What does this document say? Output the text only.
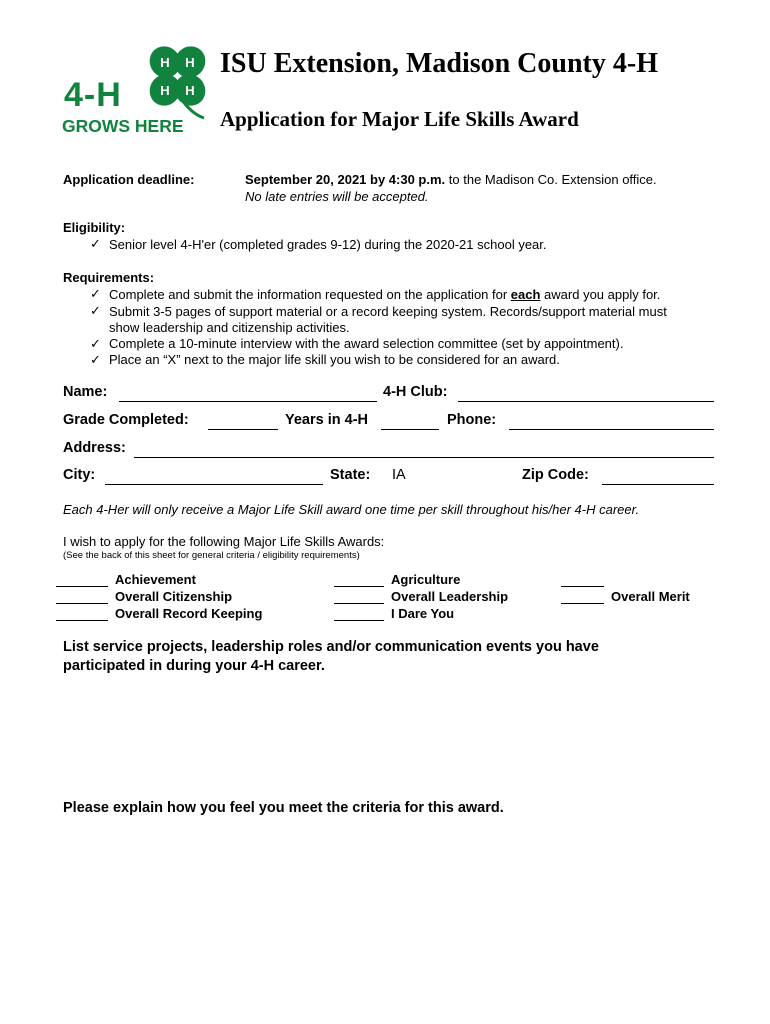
H H
H H
4-H
GROWS HERE
ISU Extension, Madison County 4-H
Application for Major Life Skills Award
Application deadline:	September 20, 2021 by 4:30 p.m. to the Madison Co. Extension office.
No late entries will be accepted.
Eligibility:
✓ Senior level 4-H'er (completed grades 9-12) during the 2020-21 school year.
Requirements:
✓ Complete and submit the information requested on the application for each award you apply for.
✓ Submit 3-5 pages of support material or a record keeping system. Records/support material must
show leadership and citizenship activities.
✓ Complete a 10-minute interview with the award selection committee (set by appointment).
✓ Place an “X” next to the major life skill you wish to be considered for an award.
Name:	4-H Club:
Grade Completed:	Years in 4-H	Phone:
Address:
City:	State: IA	Zip Code:
Each 4-Her will only receive a Major Life Skill award one time per skill throughout his/her 4-H career.
I wish to apply for the following Major Life Skills Awards:
(See the back of this sheet for general criteria / eligibility requirements)
Achievement
Overall Citizenship
Overall Record Keeping
Agriculture
Overall Leadership
I Dare You
Overall Merit
List service projects, leadership roles and/or communication events you have participated in during your 4-H career.
Please explain how you feel you meet the criteria for this award.
